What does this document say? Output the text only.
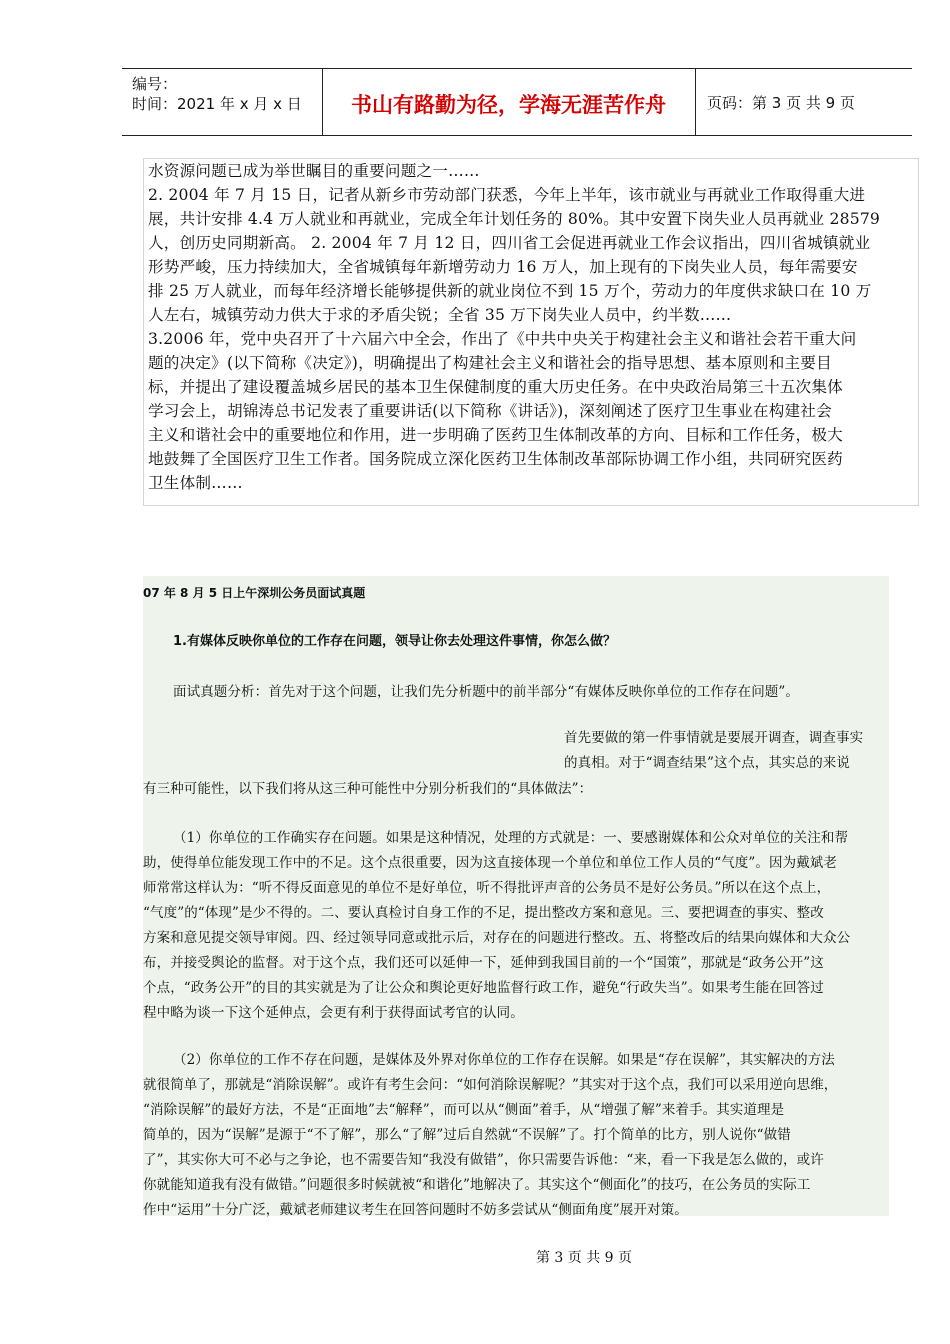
编号：
时间：2021 年 x 月 x 日	书山有路勤为径，学海无涯苦作舟	页码：第 3 页 共 9 页
水资源问题已成为举世瞩目的重要问题之一……
2. 2004 年 7 月 15 日，记者从新乡市劳动部门获悉，今年上半年，该市就业与再就业工作取得重大进
展，共计安排 4.4 万人就业和再就业，完成全年计划任务的 80%。其中安置下岗失业人员再就业 28579
人，创历史同期新高。 2. 2004 年 7 月 12 日，四川省工会促进再就业工作会议指出，四川省城镇就业
形势严峻，压力持续加大，全省城镇每年新增劳动力 16 万人，加上现有的下岗失业人员，每年需要安
排 25 万人就业，而每年经济增长能够提供新的就业岗位不到 15 万个，劳动力的年度供求缺口在 10 万
人左右，城镇劳动力供大于求的矛盾尖锐；全省 35 万下岗失业人员中，约半数……
3.2006 年，党中央召开了十六届六中全会，作出了《中共中央关于构建社会主义和谐社会若干重大问
题的决定》(以下简称《决定》)，明确提出了构建社会主义和谐社会的指导思想、基本原则和主要目
标，并提出了建设覆盖城乡居民的基本卫生保健制度的重大历史任务。在中央政治局第三十五次集体
学习会上，胡锦涛总书记发表了重要讲话(以下简称《讲话》)，深刻阐述了医疗卫生事业在构建社会
主义和谐社会中的重要地位和作用，进一步明确了医药卫生体制改革的方向、目标和工作任务，极大
地鼓舞了全国医疗卫生工作者。国务院成立深化医药卫生体制改革部际协调工作小组，共同研究医药
卫生体制……
07 年 8 月 5 日上午深圳公务员面试真题
1.有媒体反映你单位的工作存在问题，领导让你去处理这件事情，你怎么做？
面试真题分析：首先对于这个问题，让我们先分析题中的前半部分“有媒体反映你单位的工作存在问题”。
首先要做的第一件事情就是要展开调查，调查事实
的真相。对于“调查结果”这个点，其实总的来说
有三种可能性，以下我们将从这三种可能性中分别分析我们的“具体做法”：
（1）你单位的工作确实存在问题。如果是这种情况，处理的方式就是：一、要感谢媒体和公众对单位的关注和帮
助，使得单位能发现工作中的不足。这个点很重要，因为这直接体现一个单位和单位工作人员的“气度”。因为戴斌老
师常常这样认为：“听不得反面意见的单位不是好单位，听不得批评声音的公务员不是好公务员。”所以在这个点上，
“气度”的“体现”是少不得的。二、要认真检讨自身工作的不足，提出整改方案和意见。三、要把调查的事实、整改
方案和意见提交领导审阅。四、经过领导同意或批示后，对存在的问题进行整改。五、将整改后的结果向媒体和大众公
布，并接受舆论的监督。对于这个点，我们还可以延伸一下，延伸到我国目前的一个“国策”，那就是“政务公开”这
个点，“政务公开”的目的其实就是为了让公众和舆论更好地监督行政工作，避免“行政失当”。如果考生能在回答过
程中略为谈一下这个延伸点，会更有利于获得面试考官的认同。
（2）你单位的工作不存在问题，是媒体及外界对你单位的工作存在误解。如果是“存在误解”，其实解决的方法
就很简单了，那就是“消除误解”。或许有考生会问：“如何消除误解呢？”其实对于这个点，我们可以采用逆向思维，
“消除误解”的最好方法，不是“正面地”去“解释”，而可以从“侧面”着手，从“增强了解”来着手。其实道理是
简单的，因为“误解”是源于“不了解”，那么“了解”过后自然就“不误解”了。打个简单的比方，别人说你“做错
了”，其实你大可不必与之争论，也不需要告知“我没有做错”，你只需要告诉他：“来，看一下我是怎么做的，或许
你就能知道我有没有做错。”问题很多时候就被“和谐化”地解决了。其实这个“侧面化”的技巧，在公务员的实际工
作中“运用”十分广泛，戴斌老师建议考生在回答问题时不妨多尝试从“侧面角度”展开对策。
第 3 页 共 9 页
